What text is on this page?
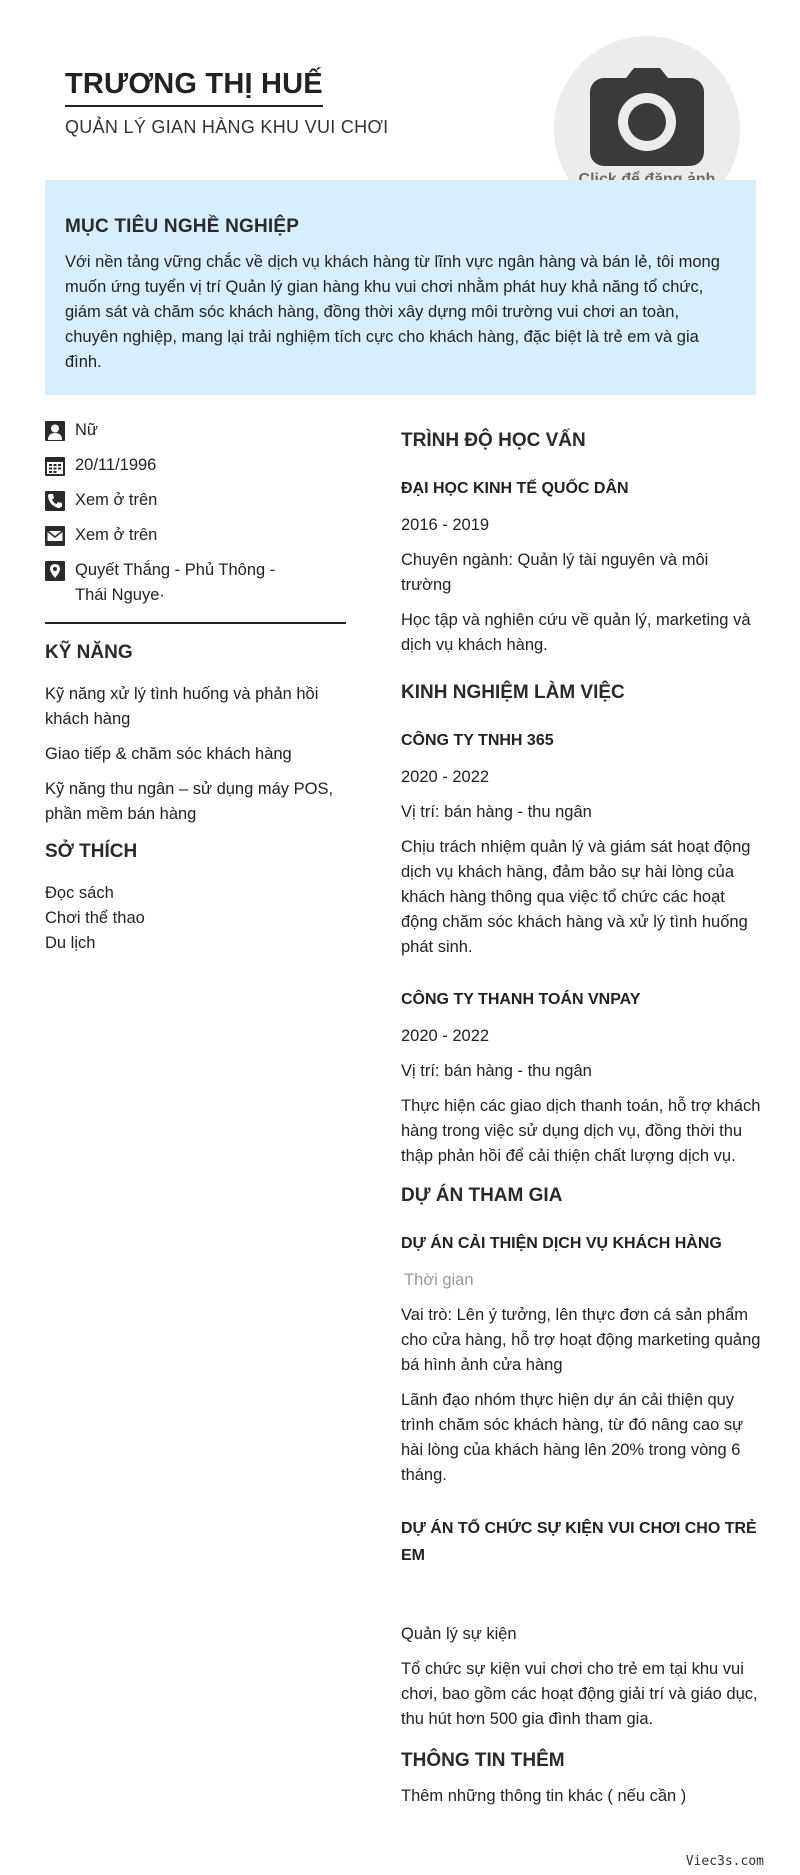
TRƯƠNG THỊ HUẾ
QUẢN LÝ GIAN HÀNG KHU VUI CHƠI
MỤC TIÊU NGHỀ NGHIỆP
Với nền tảng vững chắc về dịch vụ khách hàng từ lĩnh vực ngân hàng và bán lẻ, tôi mong muốn ứng tuyển vị trí Quản lý gian hàng khu vui chơi nhằm phát huy khả năng tổ chức, giám sát và chăm sóc khách hàng, đồng thời xây dựng môi trường vui chơi an toàn, chuyên nghiệp, mang lại trải nghiệm tích cực cho khách hàng, đặc biệt là trẻ em và gia đình.
Nữ
20/11/1996
Xem ở trên
Xem ở trên
Quyết Thắng - Phủ Thông - Thái Nguye·
KỸ NĂNG
Kỹ năng xử lý tình huống và phản hồi khách hàng
Giao tiếp & chăm sóc khách hàng
Kỹ năng thu ngân – sử dụng máy POS, phần mềm bán hàng
SỞ THÍCH
Đọc sách
Chơi thể thao
Du lịch
TRÌNH ĐỘ HỌC VẤN
ĐẠI HỌC KINH TẾ QUỐC DÂN
2016 - 2019
Chuyên ngành: Quản lý tài nguyên và môi trường
Học tập và nghiên cứu về quản lý, marketing và dịch vụ khách hàng.
KINH NGHIỆM LÀM VIỆC
CÔNG TY TNHH 365
2020 - 2022
Vị trí: bán hàng - thu ngân
Chịu trách nhiệm quản lý và giám sát hoạt động dịch vụ khách hàng, đảm bảo sự hài lòng của khách hàng thông qua việc tổ chức các hoạt động chăm sóc khách hàng và xử lý tình huống phát sinh.
CÔNG TY THANH TOÁN VNPAY
2020 - 2022
Vị trí: bán hàng - thu ngân
Thực hiện các giao dịch thanh toán, hỗ trợ khách hàng trong việc sử dụng dịch vụ, đồng thời thu thập phản hồi để cải thiện chất lượng dịch vụ.
DỰ ÁN THAM GIA
DỰ ÁN CẢI THIỆN DỊCH VỤ KHÁCH HÀNG
Thời gian
Vai trò: Lên ý tưởng, lên thực đơn cá sản phẩm cho cửa hàng, hỗ trợ hoạt động marketing quảng bá hình ảnh cửa hàng
Lãnh đạo nhóm thực hiện dự án cải thiện quy trình chăm sóc khách hàng, từ đó nâng cao sự hài lòng của khách hàng lên 20% trong vòng 6 tháng.
DỰ ÁN TỔ CHỨC SỰ KIỆN VUI CHƠI CHO TRẺ EM
Quản lý sự kiện
Tổ chức sự kiện vui chơi cho trẻ em tại khu vui chơi, bao gồm các hoạt động giải trí và giáo dục, thu hút hơn 500 gia đình tham gia.
THÔNG TIN THÊM
Thêm những thông tin khác ( nếu cần )
Viec3s.com
